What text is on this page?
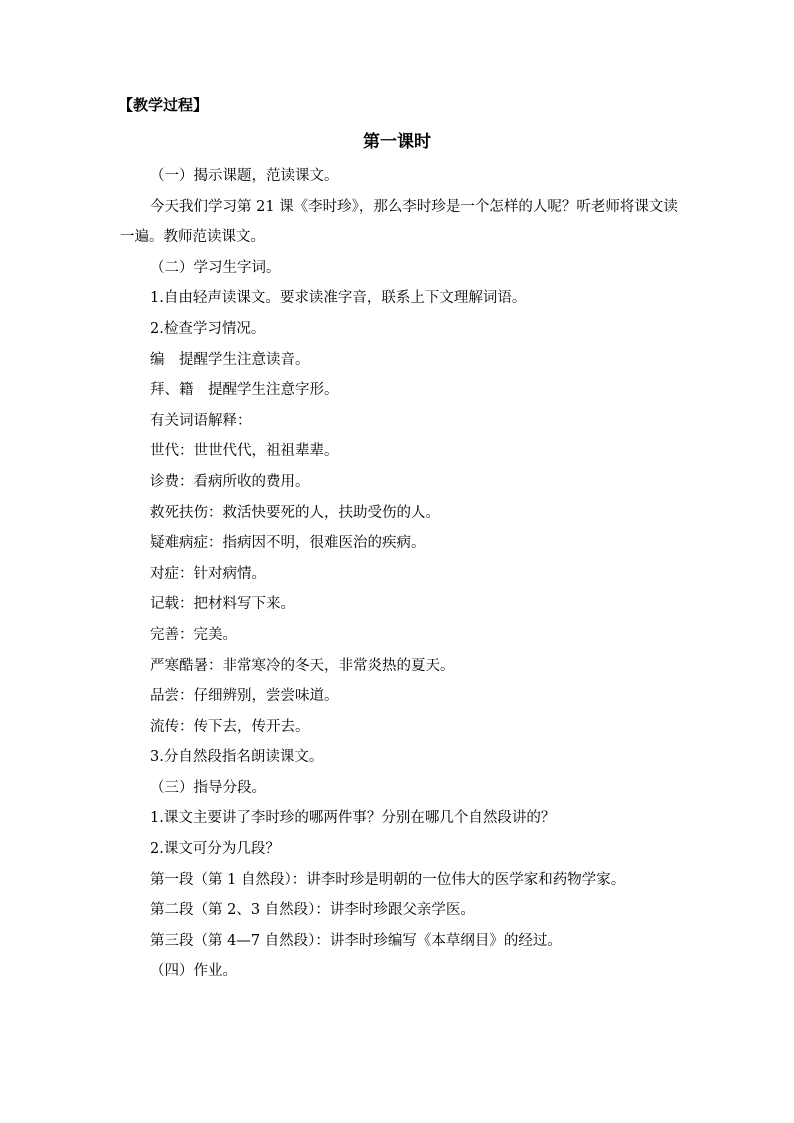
【教学过程】
第一课时

（一）揭示课题，范读课文。

今天我们学习第 21 课《李时珍》，那么李时珍是一个怎样的人呢？听老师将课文读一遍。教师范读课文。

（二）学习生字词。

1.自由轻声读课文。要求读准字音，联系上下文理解词语。

2.检查学习情况。

编　提醒学生注意读音。

拜、籍　提醒学生注意字形。

有关词语解释：

世代：世世代代，祖祖辈辈。

诊费：看病所收的费用。

救死扶伤：救活快要死的人，扶助受伤的人。

疑难病症：指病因不明，很难医治的疾病。

对症：针对病情。

记载：把材料写下来。

完善：完美。

严寒酷暑：非常寒冷的冬天，非常炎热的夏天。

品尝：仔细辨别，尝尝味道。

流传：传下去，传开去。

3.分自然段指名朗读课文。

（三）指导分段。

1.课文主要讲了李时珍的哪两件事？分别在哪几个自然段讲的？

2.课文可分为几段？

第一段（第 1 自然段）：讲李时珍是明朝的一位伟大的医学家和药物学家。

第二段（第 2、3 自然段）：讲李时珍跟父亲学医。

第三段（第 4—7 自然段）：讲李时珍编写《本草纲目》的经过。

（四）作业。
